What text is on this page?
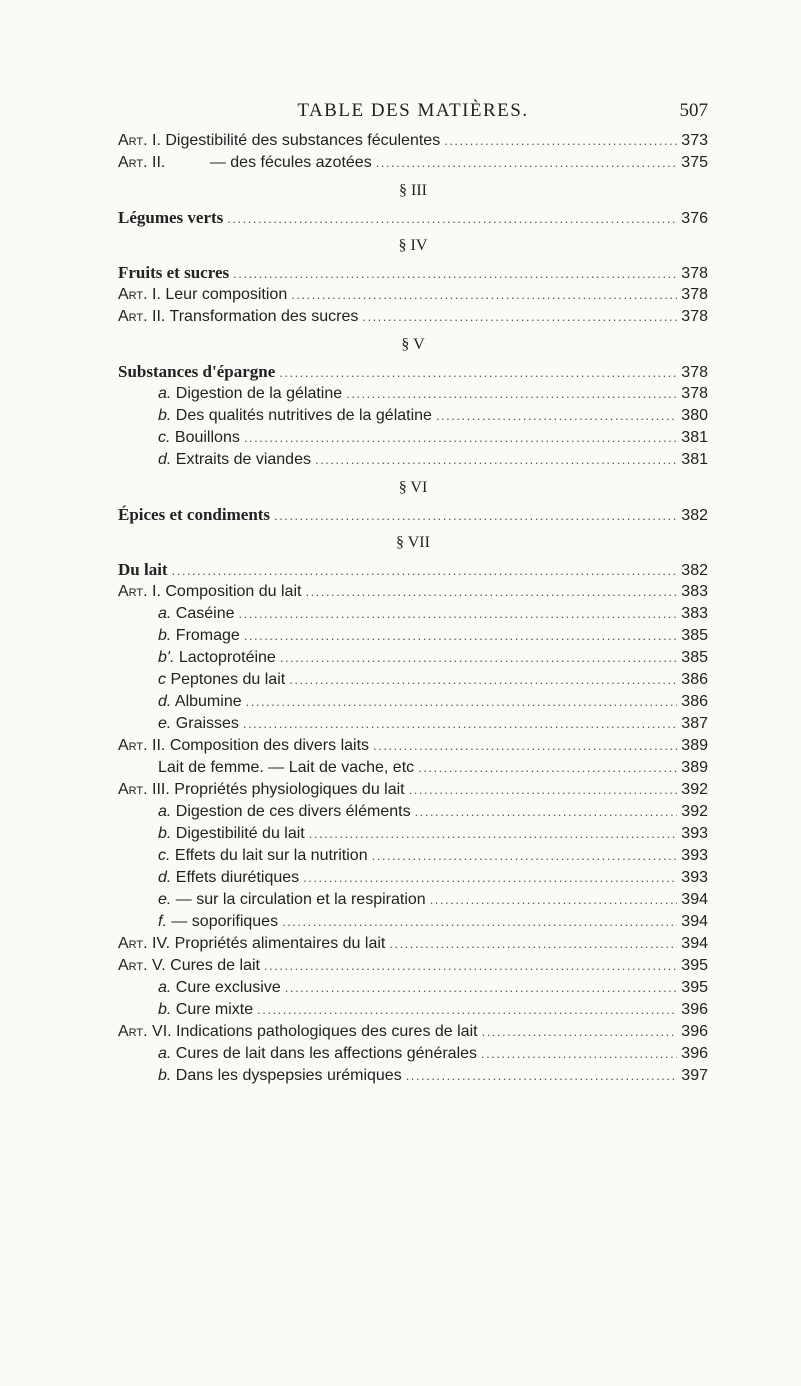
TABLE DES MATIÈRES.	507
Art. I. Digestibilité des substances féculentes .....	373
Art. II.	— des fécules azotées .....	375
§ III
Légumes verts .....	376
§ IV
Fruits et sucres .....	378
Art. I. Leur composition .....	378
Art. II. Transformation des sucres .....	378
§ V
Substances d'épargne .....	378
a. Digestion de la gélatine .....	378
b. Des qualités nutritives de la gélatine .....	380
c. Bouillons .....	381
d. Extraits de viandes .....	381
§ VI
Épices et condiments .....	382
§ VII
Du lait .....	382
Art. I. Composition du lait .....	383
a. Caséine .....	383
b. Fromage .....	385
b'. Lactoprotéine .....	385
c Peptones du lait .....	386
d. Albumine .....	386
e. Graisses .....	387
Art. II. Composition des divers laits .....	389
Lait de femme. — Lait de vache, etc .....	389
Art. III. Propriétés physiologiques du lait .....	392
a. Digestion de ces divers éléments .....	392
b. Digestibilité du lait .....	393
c. Effets du lait sur la nutrition .....	393
d. Effets diurétiques .....	393
e. — sur la circulation et la respiration .....	394
f. — soporifiques .....	394
Art. IV. Propriétés alimentaires du lait .....	394
Art. V. Cures de lait .....	395
a. Cure exclusive .....	395
b. Cure mixte .....	396
Art. VI. Indications pathologiques des cures de lait .....	396
a. Cures de lait dans les affections générales .....	396
b. Dans les dyspepsies urémiques .....	397
